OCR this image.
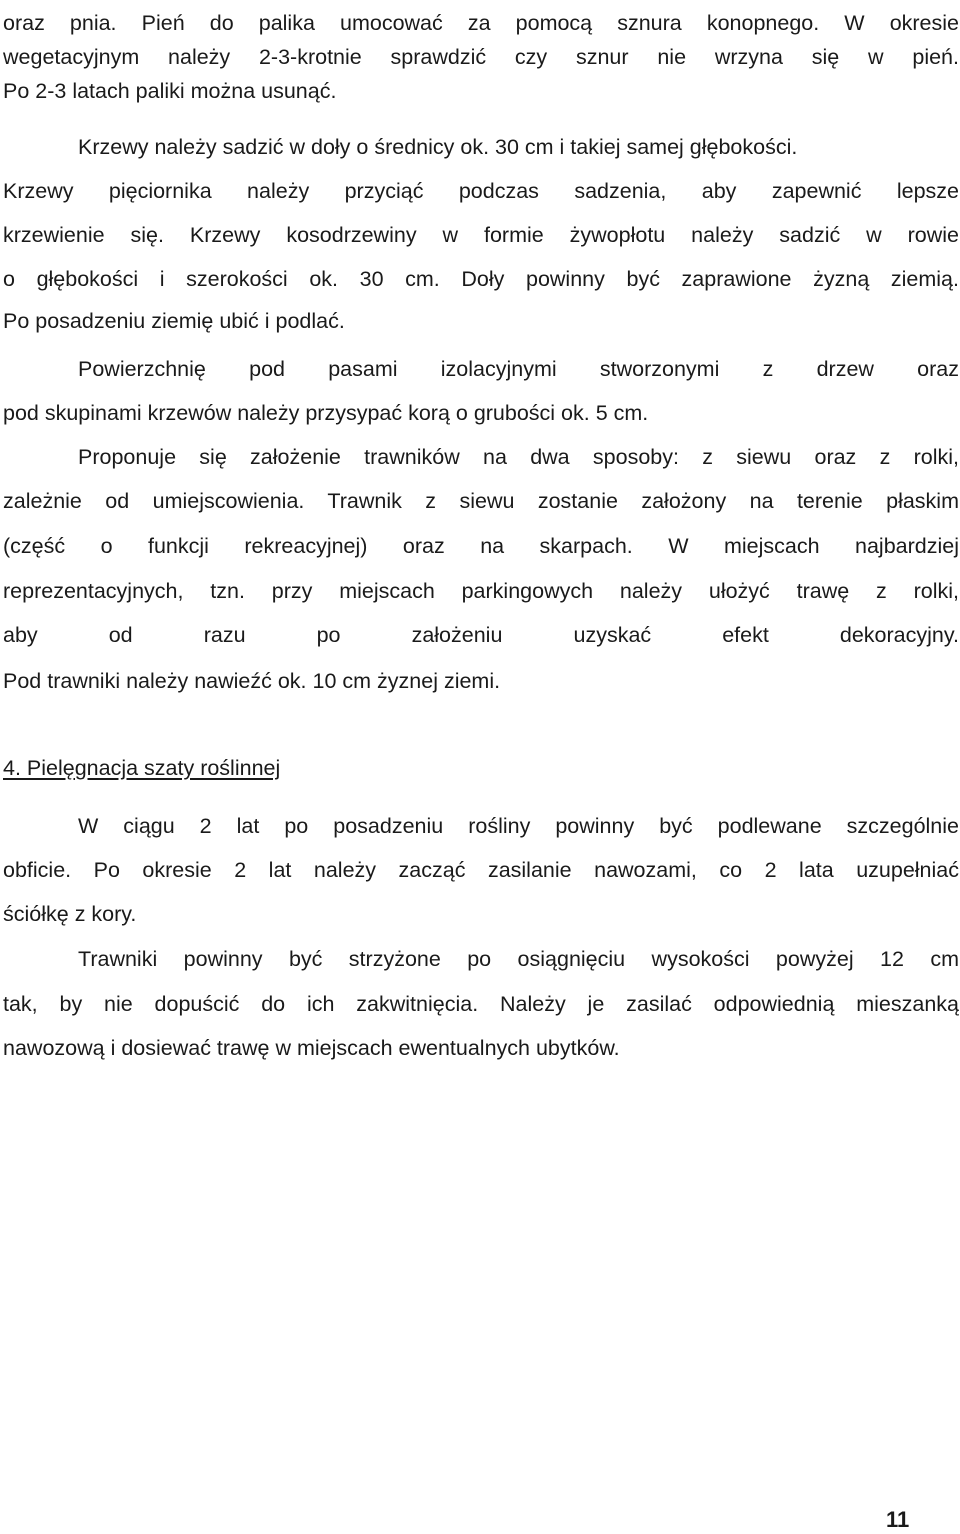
oraz pnia. Pień do palika umocować za pomocą sznura konopnego. W okresie
wegetacyjnym należy 2-3-krotnie sprawdzić czy sznur nie wrzyna się w pień.
Po 2-3 latach paliki można usunąć.
Krzewy należy sadzić w doły o średnicy ok. 30 cm i takiej samej głębokości.
Krzewy pięciornika należy przyciąć podczas sadzenia, aby zapewnić lepsze
krzewienie się. Krzewy kosodrzewiny w formie żywopłotu należy sadzić w rowie
o głębokości i szerokości ok. 30 cm. Doły powinny być zaprawione żyzną ziemią.
Po posadzeniu ziemię ubić i podlać.
Powierzchnię pod pasami izolacyjnymi stworzonymi z drzew oraz
pod skupinami krzewów należy przysypać korą o grubości ok. 5 cm.
Proponuje się założenie trawników na dwa sposoby: z siewu oraz z rolki,
zależnie od umiejscowienia. Trawnik z siewu zostanie założony na terenie płaskim
(część o funkcji rekreacyjnej) oraz na skarpach. W miejscach najbardziej
reprezentacyjnych, tzn. przy miejscach parkingowych należy ułożyć trawę z rolki,
aby od razu po założeniu uzyskać efekt dekoracyjny.
Pod trawniki należy nawieźć ok. 10 cm żyznej ziemi.
4. Pielęgnacja szaty roślinnej
W ciągu 2 lat po posadzeniu rośliny powinny być podlewane szczególnie
obficie. Po okresie 2 lat należy zacząć zasilanie nawozami, co 2 lata uzupełniać
ściółkę z kory.
Trawniki powinny być strzyżone po osiągnięciu wysokości powyżej 12 cm
tak, by nie dopuścić do ich zakwitnięcia. Należy je zasilać odpowiednią mieszanką
nawozową i dosiewać trawę w miejscach ewentualnych ubytków.
11
